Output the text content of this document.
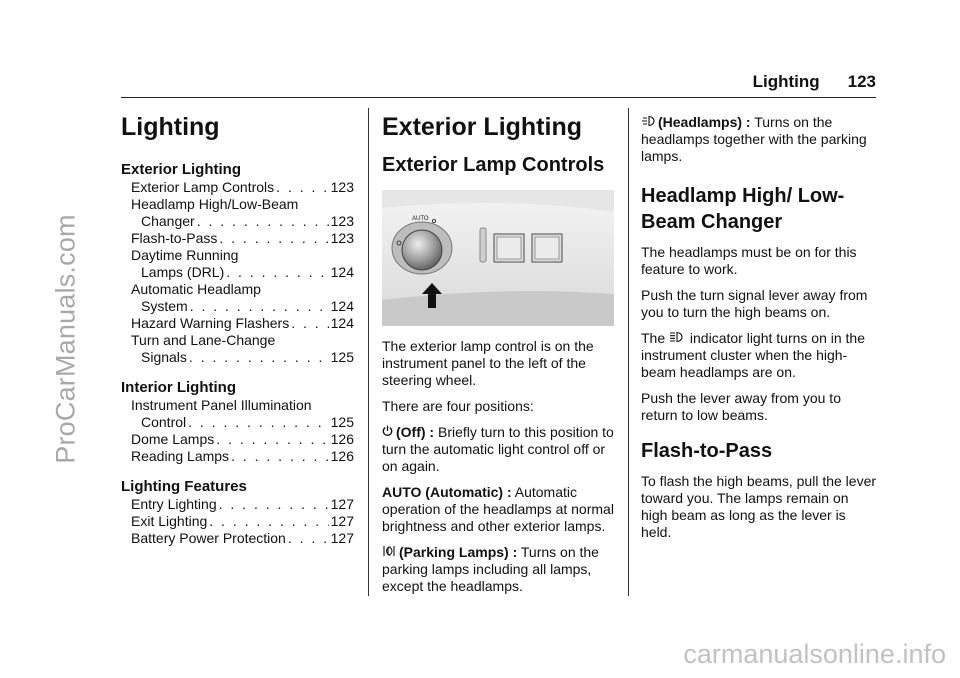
ProCarManuals.com
carmanualsonline.info
Lighting 123
Lighting
Exterior Lighting
Exterior Lamp Controls . . .	123
Headlamp High/Low-Beam
Changer . . .	123
Flash-to-Pass . . .	123
Daytime Running
Lamps (DRL) . . .	124
Automatic Headlamp
System . . .	124
Hazard Warning Flashers . . .	124
Turn and Lane-Change
Signals . . .	125
Interior Lighting
Instrument Panel Illumination
Control . . .	125
Dome Lamps . . .	126
Reading Lamps . . .	126
Lighting Features
Entry Lighting . . .	127
Exit Lighting . . .	127
Battery Power Protection . . .	127
Exterior Lighting
Exterior Lamp Controls
AUTO

The exterior lamp control is on the instrument panel to the left of the steering wheel.

There are four positions:

(Off) : Briefly turn to this position to turn the automatic light control off or on again.

AUTO (Automatic) : Automatic operation of the headlamps at normal brightness and other exterior lamps.

(Parking Lamps) : Turns on the parking lamps including all lamps, except the headlamps.

(Headlamps) : Turns on the headlamps together with the parking lamps.

Headlamp High/ Low-Beam Changer

The headlamps must be on for this feature to work.

Push the turn signal lever away from you to turn the high beams on.

The  indicator light turns on in the instrument cluster when the high-beam headlamps are on.

Push the lever away from you to return to low beams.

Flash-to-Pass

To flash the high beams, pull the lever toward you. The lamps remain on high beam as long as the lever is held.
